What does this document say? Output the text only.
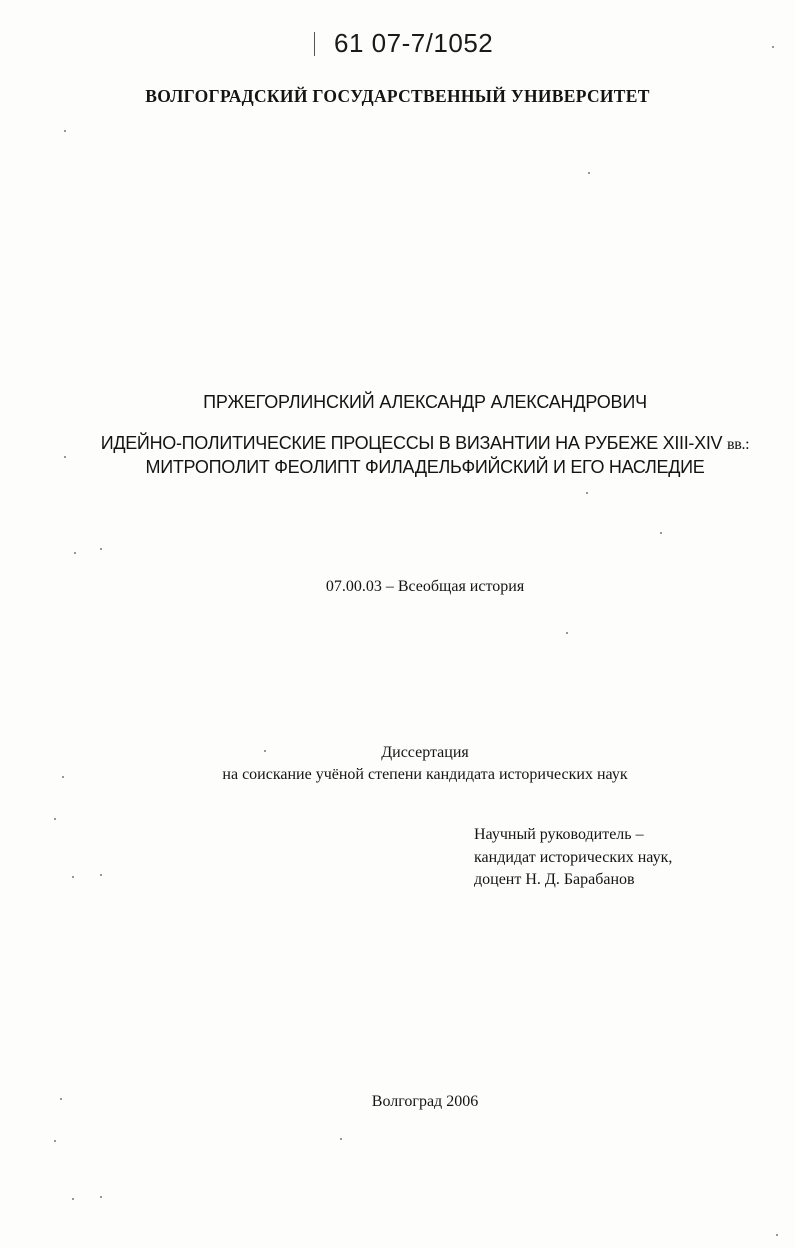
61 07-7/1052
ВОЛГОГРАДСКИЙ ГОСУДАРСТВЕННЫЙ УНИВЕРСИТЕТ
ПРЖЕГОРЛИНСКИЙ АЛЕКСАНДР АЛЕКСАНДРОВИЧ
ИДЕЙНО-ПОЛИТИЧЕСКИЕ ПРОЦЕССЫ В ВИЗАНТИИ НА РУБЕЖЕ XIII-XIV вв.:
МИТРОПОЛИТ ФЕОЛИПТ ФИЛАДЕЛЬФИЙСКИЙ И ЕГО НАСЛЕДИЕ
07.00.03 – Всеобщая история
Диссертация
на соискание учёной степени кандидата исторических наук
Научный руководитель –
кандидат исторических наук,
доцент Н. Д. Барабанов
Волгоград 2006
